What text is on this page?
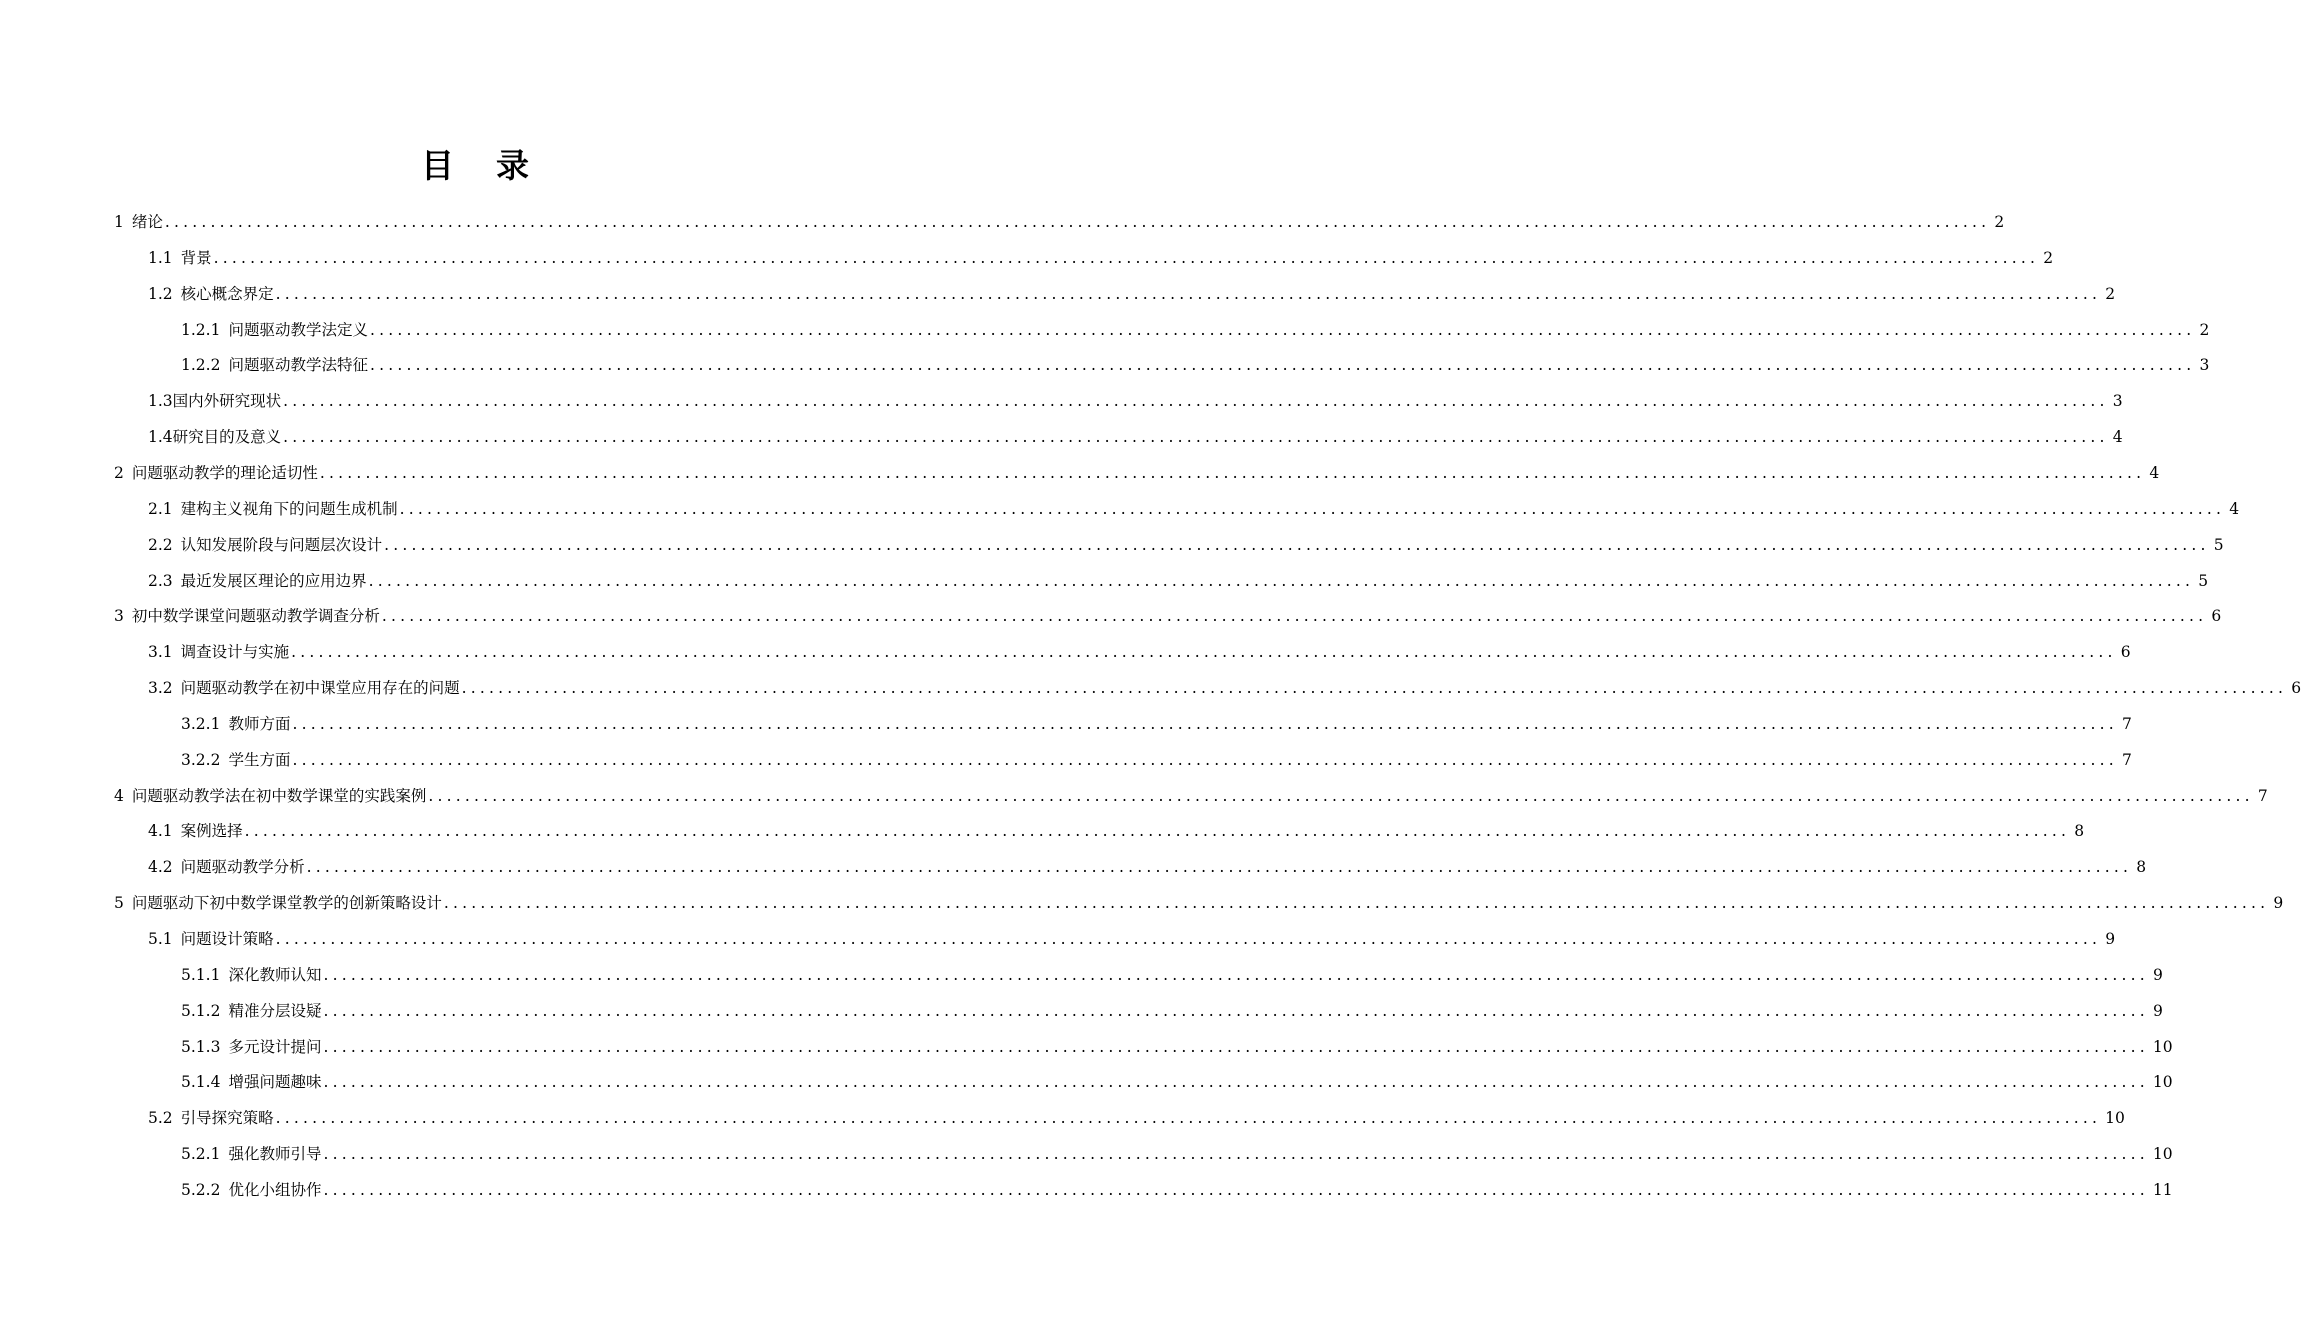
目录
1 绪论 ........................................................................................................................................................................................................ 2
1.1 背景 ........................................................................................................................................................................................................ 2
1.2 核心概念界定 ........................................................................................................................................................................................................ 2
1.2.1 问题驱动教学法定义 ........................................................................................................................................................................................................ 2
1.2.2 问题驱动教学法特征 ........................................................................................................................................................................................................ 3
1.3国内外研究现状 ........................................................................................................................................................................................................ 3
1.4研究目的及意义 ........................................................................................................................................................................................................ 4
2 问题驱动教学的理论适切性 ........................................................................................................................................................................................................ 4
2.1 建构主义视角下的问题生成机制 ........................................................................................................................................................................................................ 4
2.2 认知发展阶段与问题层次设计 ........................................................................................................................................................................................................ 5
2.3 最近发展区理论的应用边界 ........................................................................................................................................................................................................ 5
3 初中数学课堂问题驱动教学调查分析 ........................................................................................................................................................................................................ 6
3.1 调查设计与实施 ........................................................................................................................................................................................................ 6
3.2 问题驱动教学在初中课堂应用存在的问题 ........................................................................................................................................................................................................ 6
3.2.1 教师方面 ........................................................................................................................................................................................................ 7
3.2.2 学生方面 ........................................................................................................................................................................................................ 7
4 问题驱动教学法在初中数学课堂的实践案例 ........................................................................................................................................................................................................ 7
4.1 案例选择 ........................................................................................................................................................................................................ 8
4.2 问题驱动教学分析 ........................................................................................................................................................................................................ 8
5 问题驱动下初中数学课堂教学的创新策略设计 ........................................................................................................................................................................................................ 9
5.1 问题设计策略 ........................................................................................................................................................................................................ 9
5.1.1 深化教师认知 ........................................................................................................................................................................................................ 9
5.1.2 精准分层设疑 ........................................................................................................................................................................................................ 9
5.1.3 多元设计提问 ........................................................................................................................................................................................................ 10
5.1.4 增强问题趣味 ........................................................................................................................................................................................................ 10
5.2 引导探究策略 ........................................................................................................................................................................................................ 10
5.2.1 强化教师引导 ........................................................................................................................................................................................................ 10
5.2.2 优化小组协作 ........................................................................................................................................................................................................ 11
